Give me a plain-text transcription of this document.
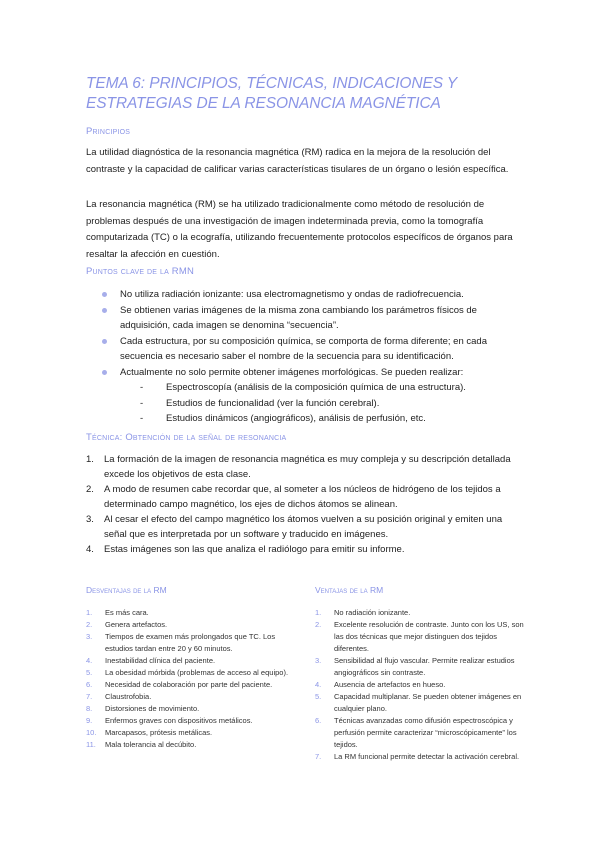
TEMA 6: PRINCIPIOS, TÉCNICAS, INDICACIONES Y ESTRATEGIAS DE LA RESONANCIA MAGNÉTICA
Principios
La utilidad diagnóstica de la resonancia magnética (RM) radica en la mejora de la resolución del contraste y la capacidad de calificar varias características tisulares de un órgano o lesión específica.
La resonancia magnética (RM) se ha utilizado tradicionalmente como método de resolución de problemas después de una investigación de imagen indeterminada previa, como la tomografía computarizada (TC) o la ecografía, utilizando frecuentemente protocolos específicos de órganos para resaltar la afección en cuestión.
Puntos clave de la RMN
No utiliza radiación ionizante: usa electromagnetismo y ondas de radiofrecuencia.
Se obtienen varias imágenes de la misma zona cambiando los parámetros físicos de adquisición, cada imagen se denomina “secuencia”.
Cada estructura, por su composición química, se comporta de forma diferente; en cada secuencia es necesario saber el nombre de la secuencia para su identificación.
Actualmente no solo permite obtener imágenes morfológicas. Se pueden realizar:
- Espectroscopía (análisis de la composición química de una estructura).
- Estudios de funcionalidad (ver la función cerebral).
- Estudios dinámicos (angiográficos), análisis de perfusión, etc.
Técnica: Obtención de la señal de resonancia
1. La formación de la imagen de resonancia magnética es muy compleja y su descripción detallada excede los objetivos de esta clase.
2. A modo de resumen cabe recordar que, al someter a los núcleos de hidrógeno de los tejidos a determinado campo magnético, los ejes de dichos átomos se alinean.
3. Al cesar el efecto del campo magnético los átomos vuelven a su posición original y emiten una señal que es interpretada por un software y traducido en imágenes.
4. Estas imágenes son las que analiza el radiólogo para emitir su informe.
Desventajas de la RM
1. Es más cara.
2. Genera artefactos.
3. Tiempos de examen más prolongados que TC. Los estudios tardan entre 20 y 60 minutos.
4. Inestabilidad clínica del paciente.
5. La obesidad mórbida (problemas de acceso al equipo).
6. Necesidad de colaboración por parte del paciente.
7. Claustrofobia.
8. Distorsiones de movimiento.
9. Enfermos graves con dispositivos metálicos.
10. Marcapasos, prótesis metálicas.
11. Mala tolerancia al decúbito.
Ventajas de la RM
1. No radiación ionizante.
2. Excelente resolución de contraste. Junto con los US, son las dos técnicas que mejor distinguen dos tejidos diferentes.
3. Sensibilidad al flujo vascular. Permite realizar estudios angiográficos sin contraste.
4. Ausencia de artefactos en hueso.
5. Capacidad multiplanar. Se pueden obtener imágenes en cualquier plano.
6. Técnicas avanzadas como difusión espectroscópica y perfusión permite caracterizar “microscópicamente” los tejidos.
7. La RM funcional permite detectar la activación cerebral.
